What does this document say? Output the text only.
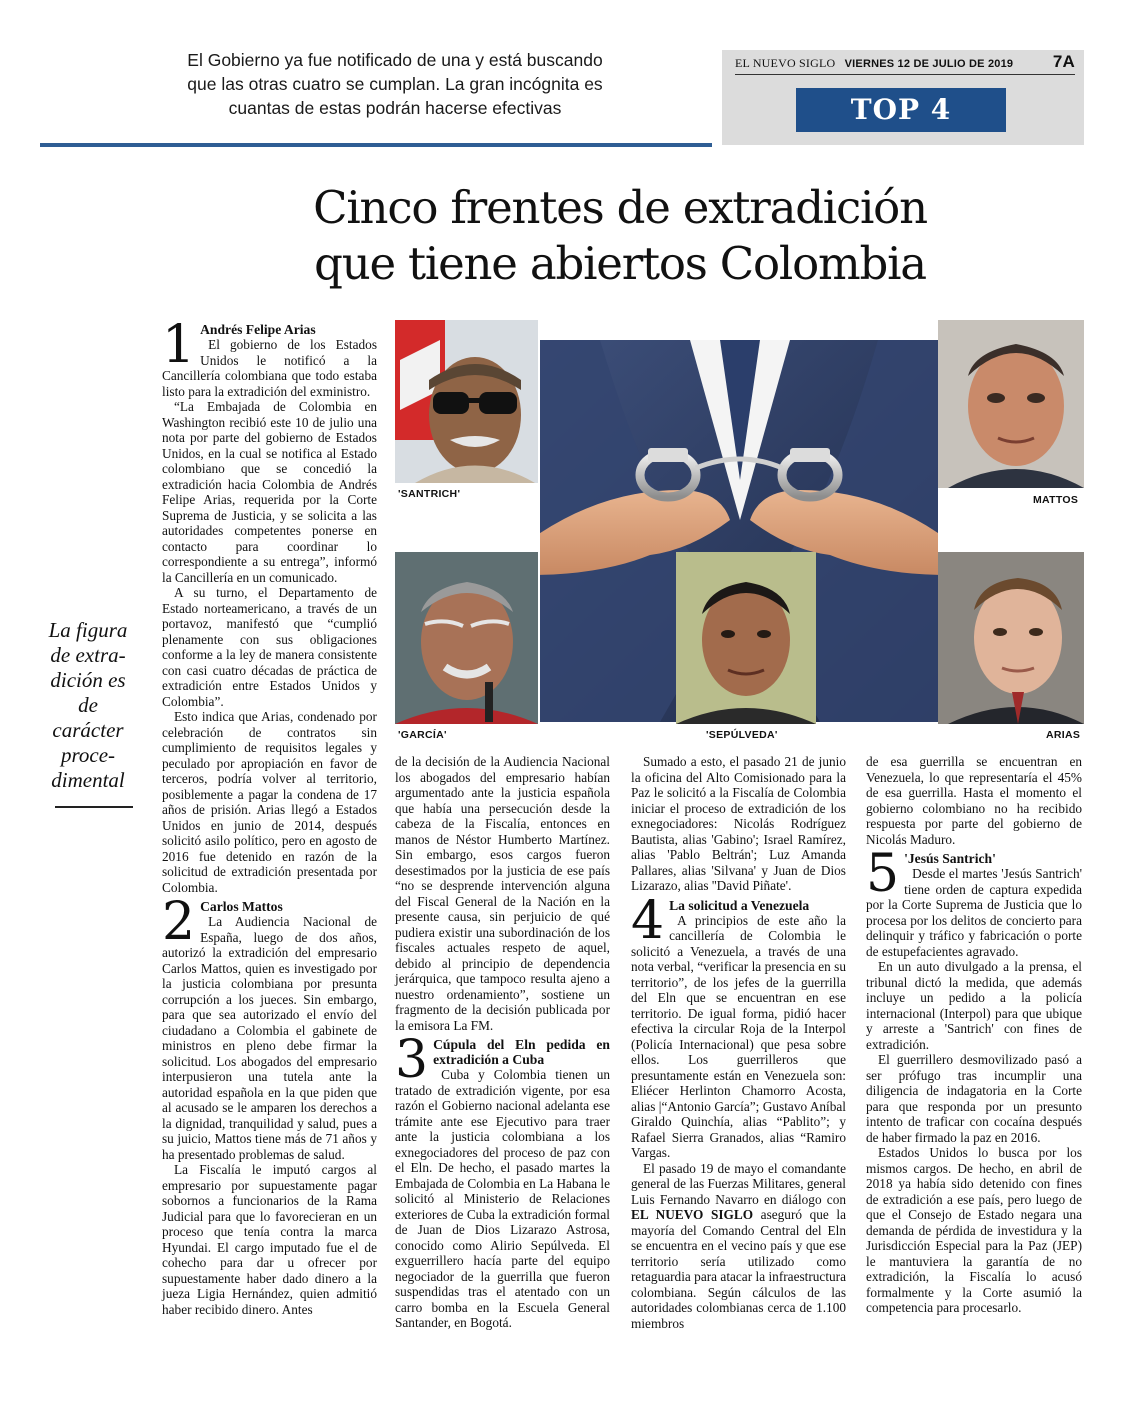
El Gobierno ya fue notificado de una y está buscando
que las otras cuatro se cumplan. La gran incógnita es
cuantas de estas podrán hacerse efectivas
EL NUEVO SIGLO VIERNES 12 DE JULIO DE 2019 7A
TOP 4
Cinco frentes de extradición
que tiene abiertos Colombia
'SANTRICH'	MATTOS
'GARCÍA'	'SEPÚLVEDA'	ARIAS
La figura de extra- dición es de carácter proce- dimental
1 Andrés Felipe Arias

El gobierno de los Estados Unidos le notificó a la Cancillería colombiana que todo estaba listo para la extradición del exministro.

“La Embajada de Colombia en Washington recibió este 10 de julio una nota por parte del gobierno de Estados Unidos, en la cual se notifica al Estado colombiano que se concedió la extradición hacia Colombia de Andrés Felipe Arias, requerida por la Corte Suprema de Justicia, y se solicita a las autoridades competentes ponerse en contacto para coordinar lo correspondiente a su entrega”, informó la Cancillería en un comunicado.

A su turno, el Departamento de Estado norteamericano, a través de un portavoz, manifestó que “cumplió plenamente con sus obligaciones conforme a la ley de manera consistente con casi cuatro décadas de práctica de extradición entre Estados Unidos y Colombia”.

Esto indica que Arias, condenado por celebración de contratos sin cumplimiento de requisitos legales y peculado por apropiación en favor de terceros, podría volver al territorio, posiblemente a pagar la condena de 17 años de prisión. Arias llegó a Estados Unidos en junio de 2014, después solicitó asilo político, pero en agosto de 2016 fue detenido en razón de la solicitud de extradición presentada por Colombia.

2 Carlos Mattos

La Audiencia Nacional de España, luego de dos años, autorizó la extradición del empresario Carlos Mattos, quien es investigado por la justicia colombiana por presunta corrupción a los jueces. Sin embargo, para que sea autorizado el envío del ciudadano a Colombia el gabinete de ministros en pleno debe firmar la solicitud. Los abogados del empresario interpusieron una tutela ante la autoridad española en la que piden que al acusado se le amparen los derechos a la dignidad, tranquilidad y salud, pues a su juicio, Mattos tiene más de 71 años y ha presentado problemas de salud.

La Fiscalía le imputó cargos al empresario por supuestamente pagar sobornos a funcionarios de la Rama Judicial para que lo favorecieran en un proceso que tenía contra la marca Hyundai. El cargo imputado fue el de cohecho para dar u ofrecer por supuestamente haber dado dinero a la jueza Ligia Hernández, quien admitió haber recibido dinero. Antes

de la decisión de la Audiencia Nacional los abogados del empresario habían argumentado ante la justicia española que había una persecución desde la cabeza de la Fiscalía, entonces en manos de Néstor Humberto Martínez. Sin embargo, esos cargos fueron desestimados por la justicia de ese país “no se desprende intervención alguna del Fiscal General de la Nación en la presente causa, sin perjuicio de qué pudiera existir una subordinación de los fiscales actuales respeto de aquel, debido al principio de dependencia jerárquica, que tampoco resulta ajeno a nuestro ordenamiento”, sostiene un fragmento de la decisión publicada por la emisora La FM.

3 Cúpula del Eln pedida en extradición a Cuba

Cuba y Colombia tienen un tratado de extradición vigente, por esa razón el Gobierno nacional adelanta ese trámite ante ese Ejecutivo para traer ante la justicia colombiana a los exnegociadores del proceso de paz con el Eln. De hecho, el pasado martes la Embajada de Colombia en La Habana le solicitó al Ministerio de Relaciones exteriores de Cuba la extradición formal de Juan de Dios Lizarazo Astrosa, conocido como Alirio Sepúlveda. El exguerrillero hacía parte del equipo negociador de la guerrilla que fueron suspendidas tras el atentado con un carro bomba en la Escuela General Santander, en Bogotá.

Sumado a esto, el pasado 21 de junio la oficina del Alto Comisionado para la Paz le solicitó a la Fiscalía de Colombia iniciar el proceso de extradición de los exnegociadores: Nicolás Rodríguez Bautista, alias 'Gabino'; Israel Ramírez, alias 'Pablo Beltrán'; Luz Amanda Pallares, alias 'Silvana' y Juan de Dios Lizarazo, alias ''David Piñate'.

4 La solicitud a Venezuela

A principios de este año la cancillería de Colombia le solicitó a Venezuela, a través de una nota verbal, “verificar la presencia en su territorio”, de los jefes de la guerrilla del Eln que se encuentran en ese territorio. De igual forma, pidió hacer efectiva la circular Roja de la Interpol (Policía Internacional) que pesa sobre ellos. Los guerrilleros que presuntamente están en Venezuela son: Eliécer Herlinton Chamorro Acosta, alias |“Antonio García”; Gustavo Aníbal Giraldo Quinchía, alias “Pablito”; y Rafael Sierra Granados, alias “Ramiro Vargas.

El pasado 19 de mayo el comandante general de las Fuerzas Militares, general Luis Fernando Navarro en diálogo con EL NUEVO SIGLO aseguró que la mayoría del Comando Central del Eln se encuentra en el vecino país y que ese territorio sería utilizado como retaguardia para atacar la infraestructura colombiana. Según cálculos de las autoridades colombianas cerca de 1.100 miembros

de esa guerrilla se encuentran en Venezuela, lo que representaría el 45% de esa guerrilla. Hasta el momento el gobierno colombiano no ha recibido respuesta por parte del gobierno de Nicolás Maduro.

5 'Jesús Santrich'

Desde el martes 'Jesús Santrich' tiene orden de captura expedida por la Corte Suprema de Justicia que lo procesa por los delitos de concierto para delinquir y tráfico y fabricación o porte de estupefacientes agravado.

En un auto divulgado a la prensa, el tribunal dictó la medida, que además incluye un pedido a la policía internacional (Interpol) para que ubique y arreste a 'Santrich' con fines de extradición.

El guerrillero desmovilizado pasó a ser prófugo tras incumplir una diligencia de indagatoria en la Corte para que responda por un presunto intento de traficar con cocaína después de haber firmado la paz en 2016.

Estados Unidos lo busca por los mismos cargos. De hecho, en abril de 2018 ya había sido detenido con fines de extradición a ese país, pero luego de que el Consejo de Estado negara una demanda de pérdida de investidura y la Jurisdicción Especial para la Paz (JEP) le mantuviera la garantía de no extradición, la Fiscalía lo acusó formalmente y la Corte asumió la competencia para procesarlo.
